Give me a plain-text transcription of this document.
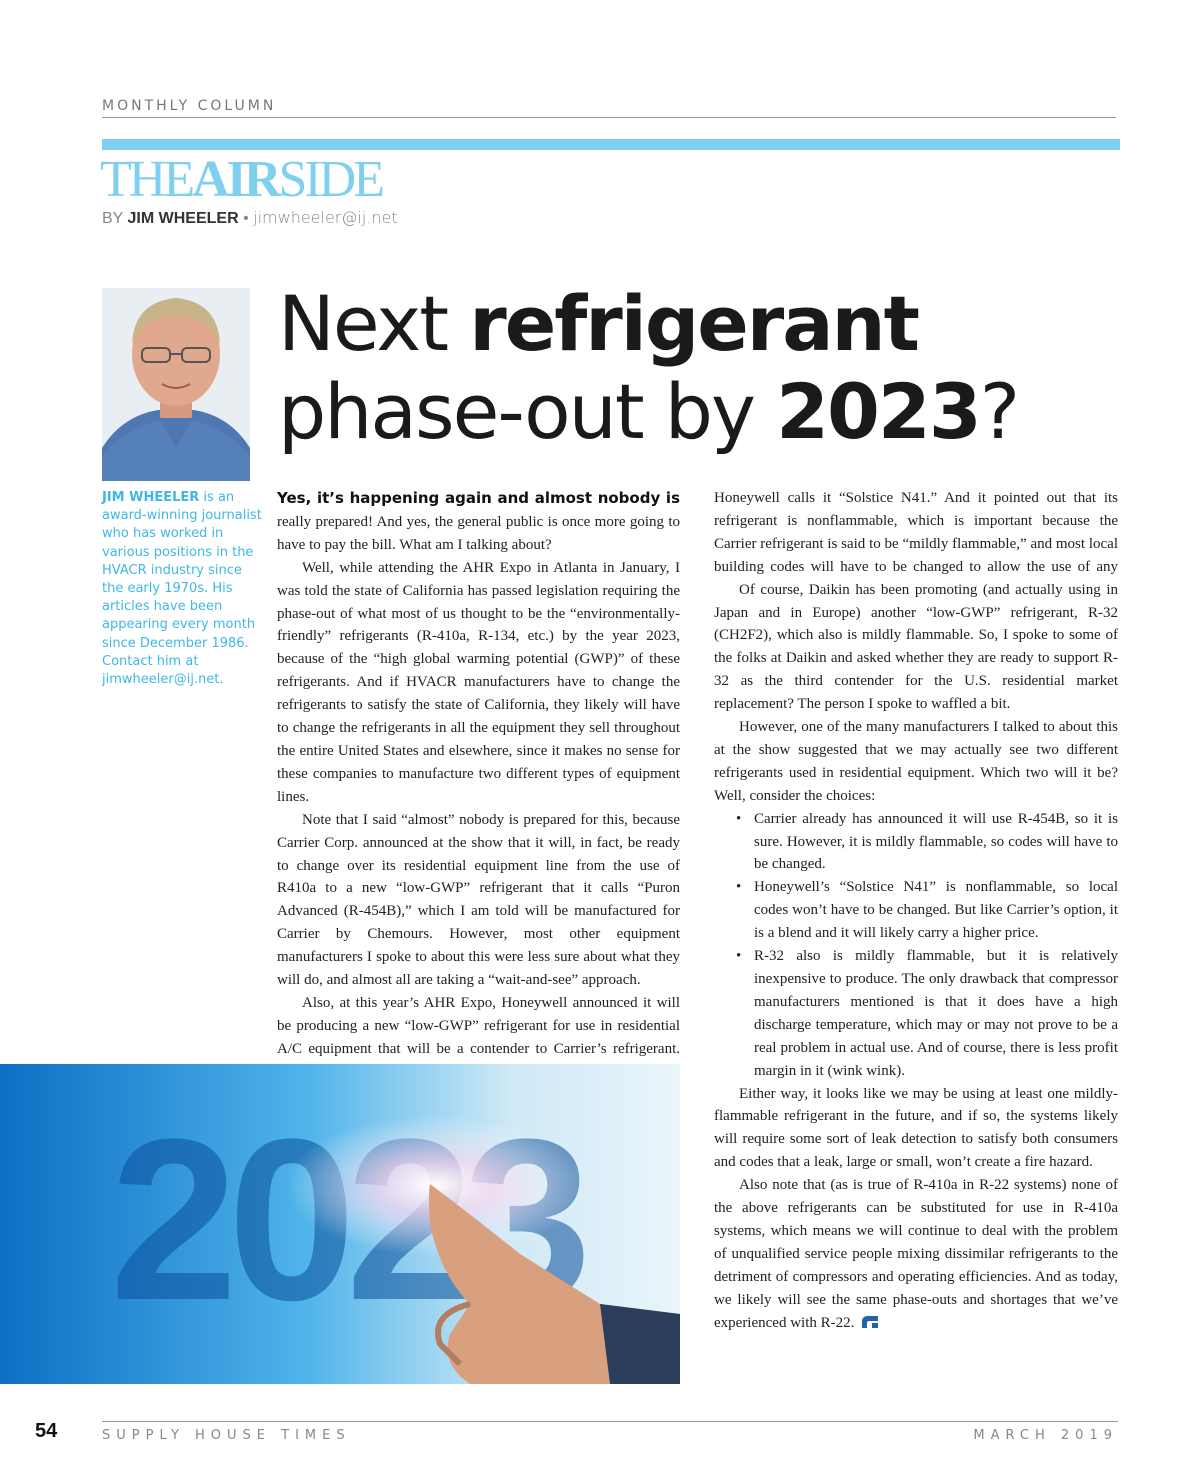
MONTHLY COLUMN
THEAIRSIDE
BY JIM WHEELER • jimwheeler@ij.net
Next refrigerant
phase-out by 2023?
JIM WHEELER is an award-winning journalist who has worked in various positions in the HVACR industry since the early 1970s. His articles have been appearing every month since December 1986. Contact him at jimwheeler@ij.net.

Yes, it’s happening again and almost nobody is really prepared! And yes, the general public is once more going to have to pay the bill. What am I talking about?

Well, while attending the AHR Expo in Atlanta in January, I was told the state of California has passed legislation requiring the phase-out of what most of us thought to be the “environmentally-friendly” refrigerants (R-410a, R-134, etc.) by the year 2023, because of the “high global warming potential (GWP)” of these refrigerants. And if HVACR manufacturers have to change the refrigerants to satisfy the state of California, they likely will have to change the refrigerants in all the equipment they sell throughout the entire United States and elsewhere, since it makes no sense for these companies to manufacture two different types of equipment lines.

Note that I said “almost” nobody is prepared for this, because Carrier Corp. announced at the show that it will, in fact, be ready to change over its residential equipment line from the use of R410a to a new “low-GWP” refrigerant that it calls “Puron Advanced (R-454B),” which I am told will be manufactured for Carrier by Chemours. However, most other equipment manufacturers I spoke to about this were less sure about what they will do, and almost all are taking a “wait-and-see” approach.

Also, at this year’s AHR Expo, Honeywell announced it will be producing a new “low-GWP” refrigerant for use in residential A/C equipment that will be a contender to Carrier’s refrigerant.

Honeywell calls it “Solstice N41.” And it pointed out that its refrigerant is nonflammable, which is important because the Carrier refrigerant is said to be “mildly flammable,” and most local building codes will have to be changed to allow the use of any

Of course, Daikin has been promoting (and actually using in Japan and in Europe) another “low-GWP” refrigerant, R-32 (CH2F2), which also is mildly flammable. So, I spoke to some of the folks at Daikin and asked whether they are ready to support R-32 as the third contender for the U.S. residential market replacement? The person I spoke to waffled a bit.

However, one of the many manufacturers I talked to about this at the show suggested that we may actually see two different refrigerants used in residential equipment. Which two will it be? Well, consider the choices:

• Carrier already has announced it will use R-454B, so it is sure. However, it is mildly flammable, so codes will have to be changed.
• Honeywell’s “Solstice N41” is nonflammable, so local codes won’t have to be changed. But like Carrier’s option, it is a blend and it will likely carry a higher price.
• R-32 also is mildly flammable, but it is relatively inexpensive to produce. The only drawback that compressor manufacturers mentioned is that it does have a high discharge temperature, which may or may not prove to be a real problem in actual use. And of course, there is less profit margin in it (wink wink).

Either way, it looks like we may be using at least one mildly-flammable refrigerant in the future, and if so, the systems likely will require some sort of leak detection to satisfy both consumers and codes that a leak, large or small, won’t create a fire hazard.

Also note that (as is true of R-410a in R-22 systems) none of the above refrigerants can be substituted for use in R-410a systems, which means we will continue to deal with the problem of unqualified service people mixing dissimilar refrigerants to the detriment of compressors and operating efficiencies. And as today, we likely will see the same phase-outs and shortages that we’ve experienced with R-22.

54	SUPPLY HOUSE TIMES	MARCH 2019
